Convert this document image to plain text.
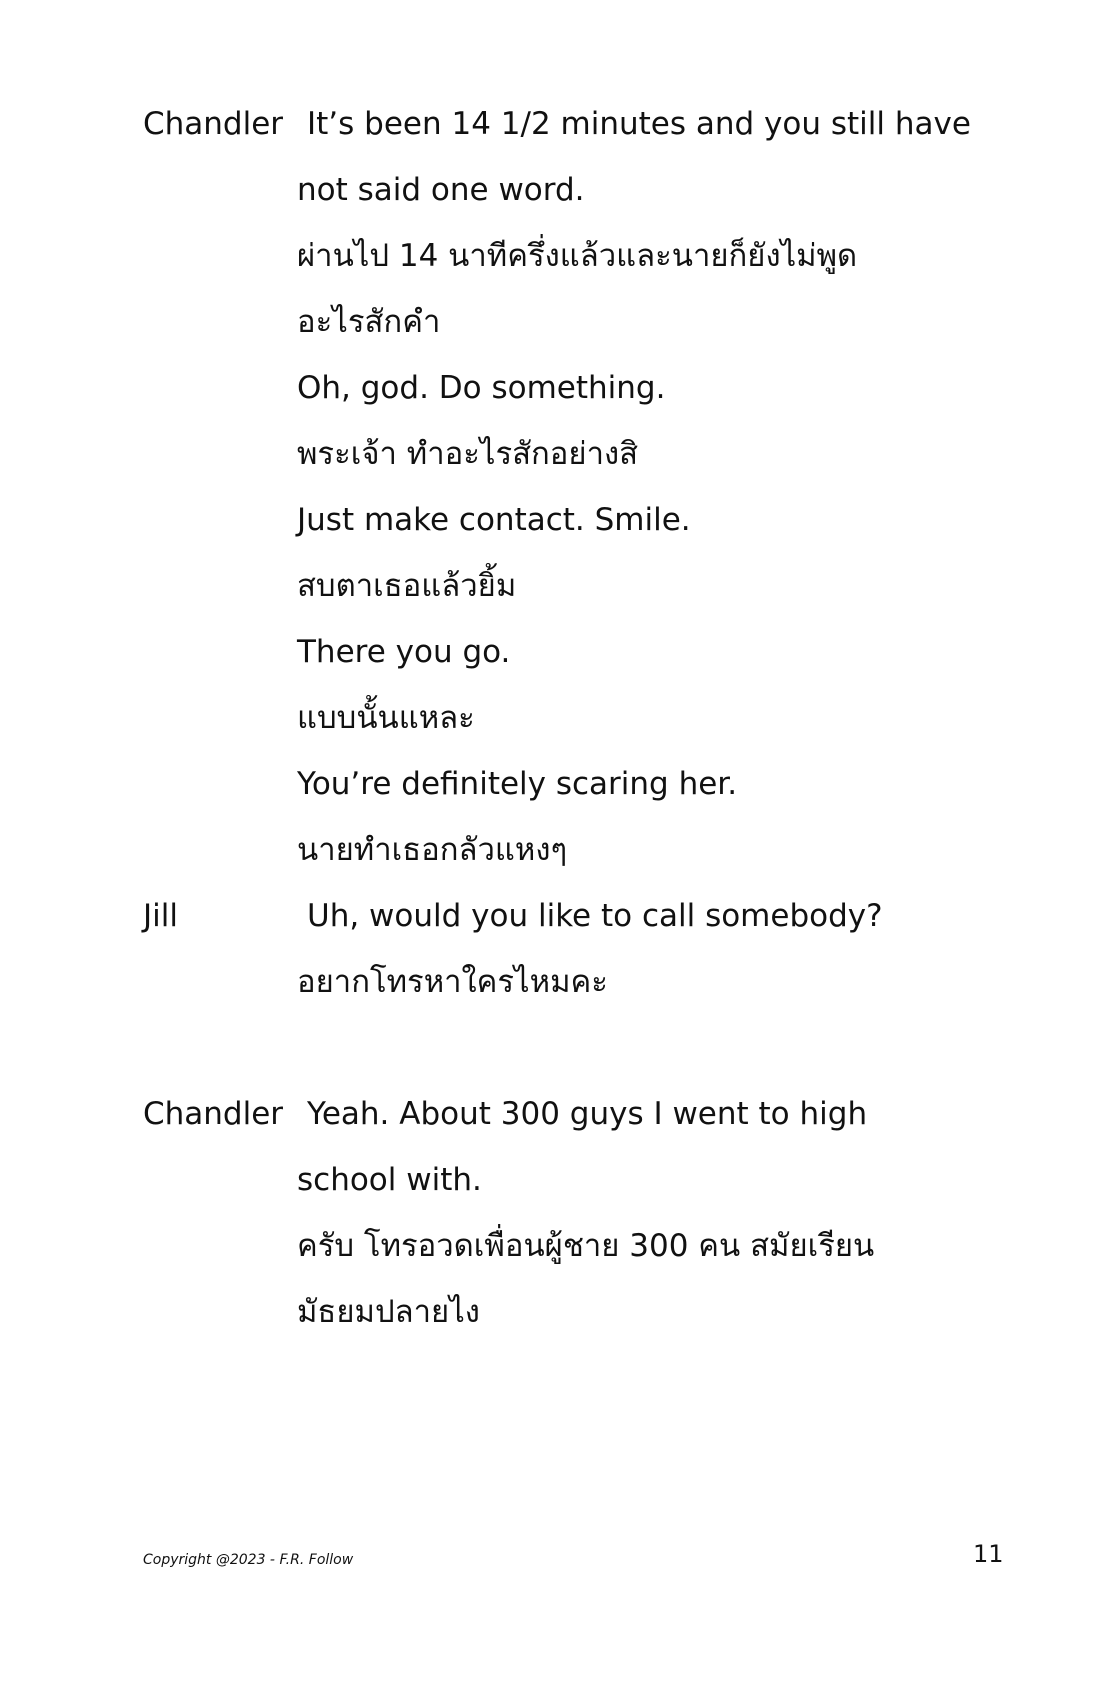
Chandler It’s been 14 1/2 minutes and you still have
not said one word.
ผ่านไป 14 นาทีครึ่งแล้วและนายก็ยังไม่พูด
อะไรสักคำ
Oh, god. Do something.
พระเจ้า ทำอะไรสักอย่างสิ
Just make contact. Smile.
สบตาเธอแล้วยิ้ม
There you go.
แบบนั้นแหละ
You’re definitely scaring her.
นายทำเธอกลัวแหงๆ
Jill	Uh, would you like to call somebody?
อยากโทรหาใครไหมคะ
Chandler Yeah. About 300 guys I went to high
school with.
ครับ โทรอวดเพื่อนผู้ชาย 300 คน สมัยเรียน
มัธยมปลายไง
Copyright @2023 - F.R. Follow	11
